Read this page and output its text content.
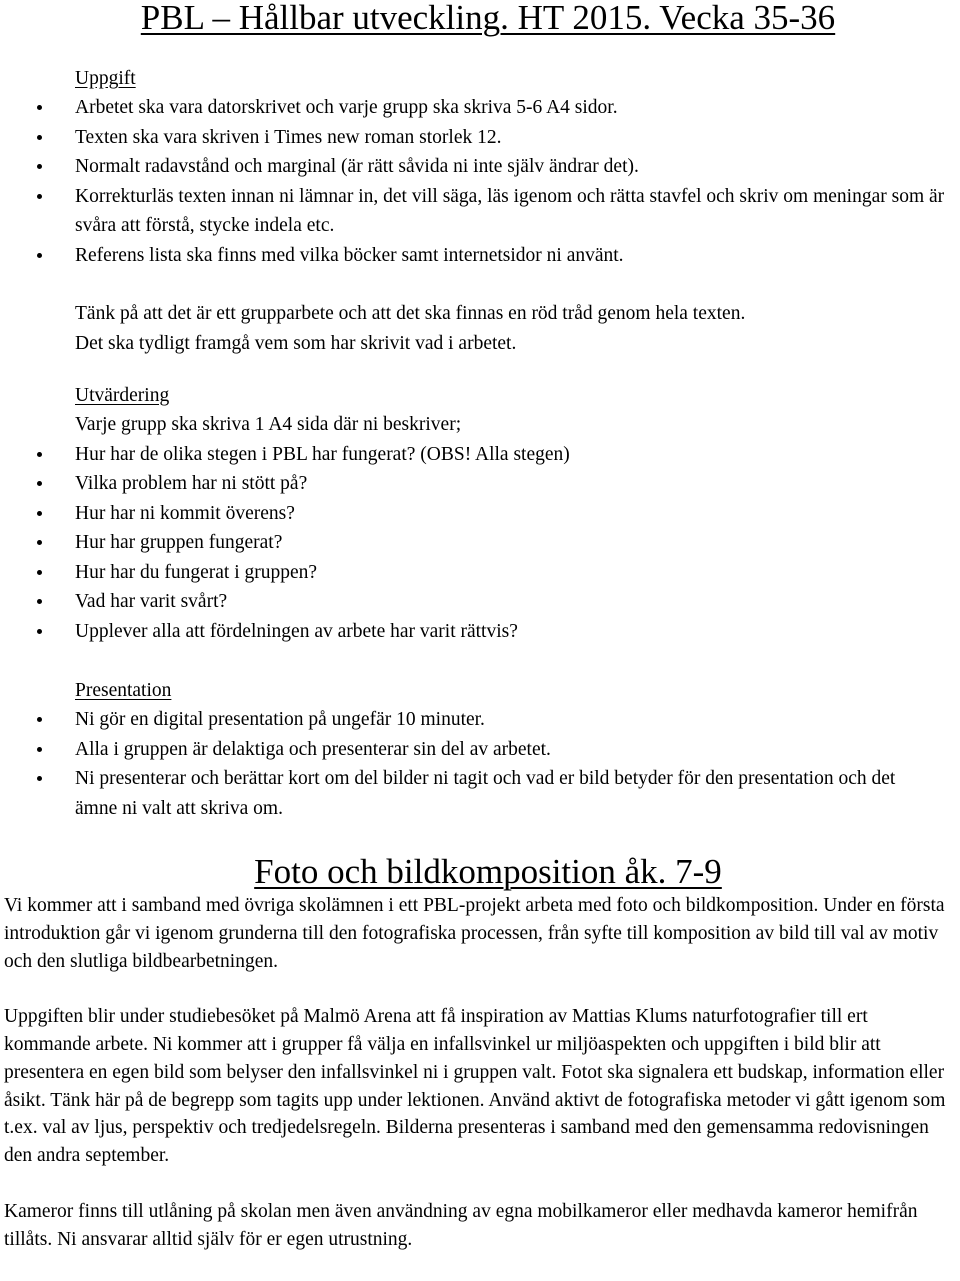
PBL – Hållbar utveckling. HT 2015. Vecka 35-36
Uppgift
Arbetet ska vara datorskrivet och varje grupp ska skriva 5-6 A4 sidor.
Texten ska vara skriven i Times new roman storlek 12.
Normalt radavstånd och marginal (är rätt såvida ni inte själv ändrar det).
Korrekturläs texten innan ni lämnar in, det vill säga, läs igenom och rätta stavfel och skriv om meningar som är svåra att förstå, stycke indela etc.
Referens lista ska finns med vilka böcker samt internetsidor ni använt.

Tänk på att det är ett grupparbete och att det ska finnas en röd tråd genom hela texten.

Det ska tydligt framgå vem som har skrivit vad i arbetet.

Utvärdering

Varje grupp ska skriva 1 A4 sida där ni beskriver;

Hur har de olika stegen i PBL har fungerat? (OBS! Alla stegen)
Vilka problem har ni stött på?
Hur har ni kommit överens?
Hur har gruppen fungerat?
Hur har du fungerat i gruppen?
Vad har varit svårt?
Upplever alla att fördelningen av arbete har varit rättvis?
Presentation
Ni gör en digital presentation på ungefär 10 minuter.
Alla i gruppen är delaktiga och presenterar sin del av arbetet.
Ni presenterar och berättar kort om del bilder ni tagit och vad er bild betyder för den presentation och det ämne ni valt att skriva om.
Foto och bildkomposition åk. 7-9

Vi kommer att i samband med övriga skolämnen i ett PBL-projekt arbeta med foto och bildkomposition. Under en första introduktion går vi igenom grunderna till den fotografiska processen, från syfte till komposition av bild till val av motiv och den slutliga bildbearbetningen.

Uppgiften blir under studiebesöket på Malmö Arena att få inspiration av Mattias Klums naturfotografier till ert kommande arbete. Ni kommer att i grupper få välja en infallsvinkel ur miljöaspekten och uppgiften i bild blir att presentera en egen bild som belyser den infallsvinkel ni i gruppen valt. Fotot ska signalera ett budskap, information eller åsikt. Tänk här på de begrepp som tagits upp under lektionen. Använd aktivt de fotografiska metoder vi gått igenom som t.ex. val av ljus, perspektiv och tredjedelsregeln. Bilderna presenteras i samband med den gemensamma redovisningen den andra september.

Kameror finns till utlåning på skolan men även användning av egna mobilkameror eller medhavda kameror hemifrån tillåts. Ni ansvarar alltid själv för er egen utrustning.
